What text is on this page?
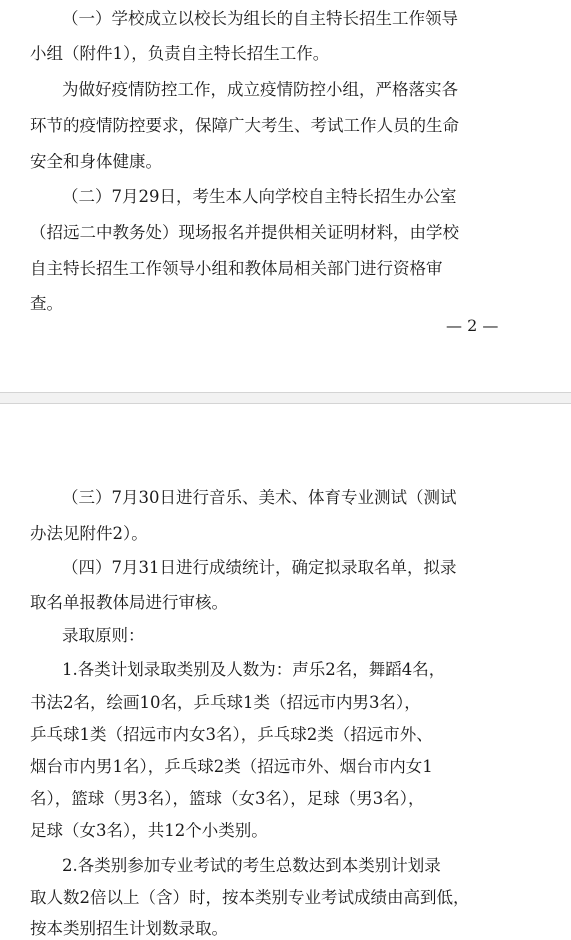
（一）学校成立以校长为组长的自主特长招生工作领导
小组（附件1），负责自主特长招生工作。
为做好疫情防控工作，成立疫情防控小组，严格落实各
环节的疫情防控要求，保障广大考生、考试工作人员的生命
安全和身体健康。
（二）7月29日，考生本人向学校自主特长招生办公室
（招远二中教务处）现场报名并提供相关证明材料，由学校
自主特长招生工作领导小组和教体局相关部门进行资格审
查。
— 2 —
（三）7月30日进行音乐、美术、体育专业测试（测试
办法见附件2）。
（四）7月31日进行成绩统计，确定拟录取名单，拟录
取名单报教体局进行审核。
录取原则：
1.各类计划录取类别及人数为：声乐2名，舞蹈4名，
书法2名，绘画10名，乒乓球1类（招远市内男3名），
乒乓球1类（招远市内女3名），乒乓球2类（招远市外、
烟台市内男1名），乒乓球2类（招远市外、烟台市内女1
名），篮球（男3名），篮球（女3名），足球（男3名），
足球（女3名），共12个小类别。
2.各类别参加专业考试的考生总数达到本类别计划录
取人数2倍以上（含）时，按本类别专业考试成绩由高到低，
按本类别招生计划数录取。
